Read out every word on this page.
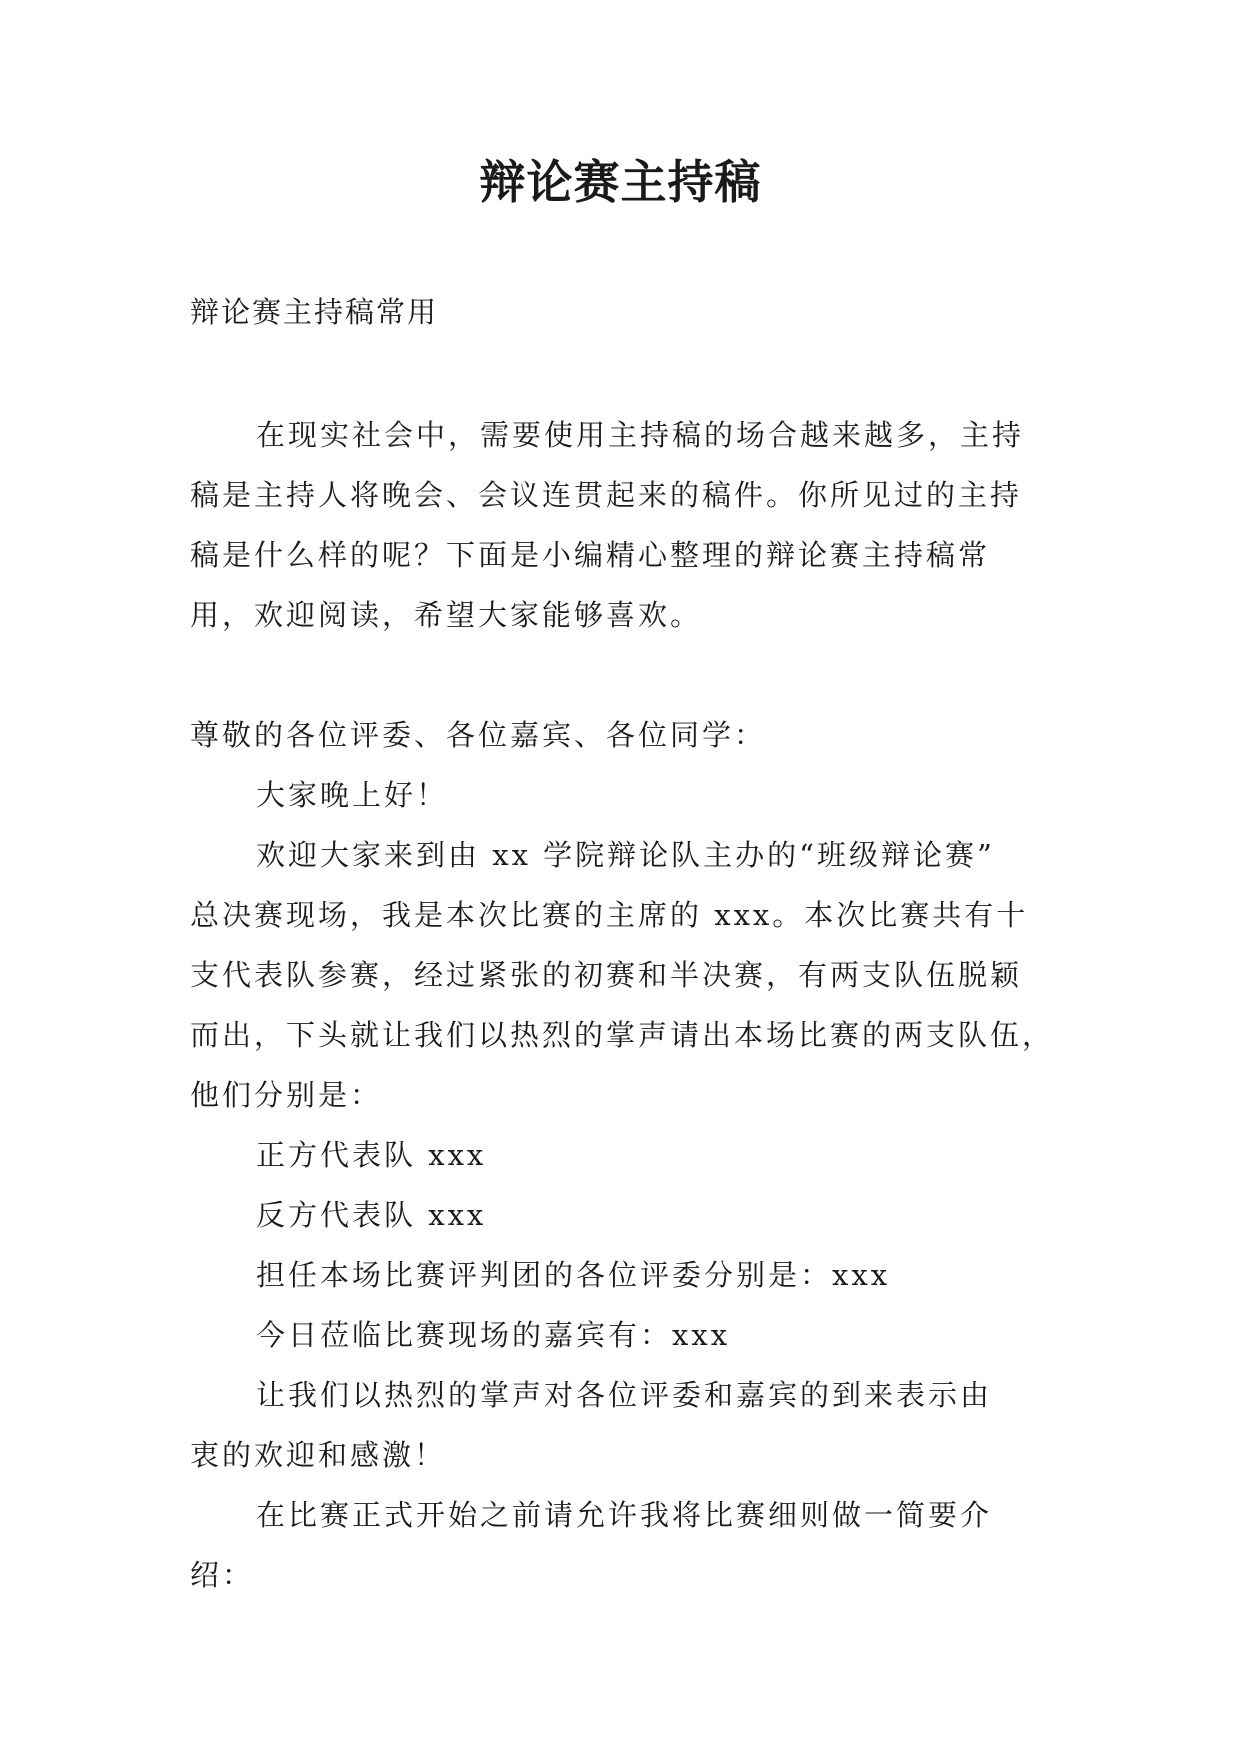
辩论赛主持稿

辩论赛主持稿常用

在现实社会中，需要使用主持稿的场合越来越多，主持
稿是主持人将晚会、会议连贯起来的稿件。你所见过的主持
稿是什么样的呢？下面是小编精心整理的辩论赛主持稿常
用，欢迎阅读，希望大家能够喜欢。
尊敬的各位评委、各位嘉宾、各位同学：
大家晚上好！
欢迎大家来到由 xx 学院辩论队主办的“班级辩论赛”
总决赛现场，我是本次比赛的主席的 xxx。本次比赛共有十
支代表队参赛，经过紧张的初赛和半决赛，有两支队伍脱颖
而出，下头就让我们以热烈的掌声请出本场比赛的两支队伍，
他们分别是：
正方代表队 xxx
反方代表队 xxx
担任本场比赛评判团的各位评委分别是：xxx
今日莅临比赛现场的嘉宾有：xxx
让我们以热烈的掌声对各位评委和嘉宾的到来表示由
衷的欢迎和感激！
在比赛正式开始之前请允许我将比赛细则做一简要介
绍：
